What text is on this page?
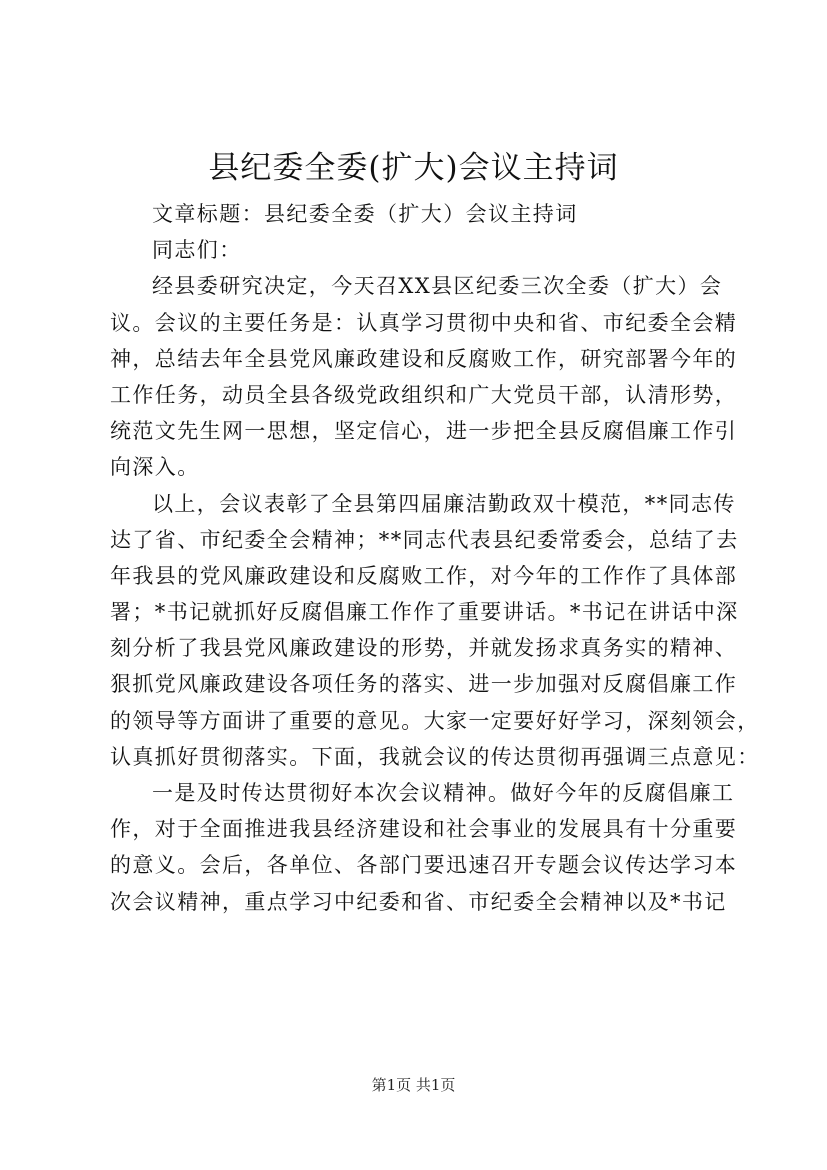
县纪委全委(扩大)会议主持词
文章标题：县纪委全委（扩大）会议主持词
同志们：
经县委研究决定，今天召XX县区纪委三次全委（扩大）会
议。会议的主要任务是：认真学习贯彻中央和省、市纪委全会精
神，总结去年全县党风廉政建设和反腐败工作，研究部署今年的
工作任务，动员全县各级党政组织和广大党员干部，认清形势，
统范文先生网一思想，坚定信心，进一步把全县反腐倡廉工作引
向深入。
以上，会议表彰了全县第四届廉洁勤政双十模范，**同志传
达了省、市纪委全会精神；**同志代表县纪委常委会，总结了去
年我县的党风廉政建设和反腐败工作，对今年的工作作了具体部
署；*书记就抓好反腐倡廉工作作了重要讲话。*书记在讲话中深
刻分析了我县党风廉政建设的形势，并就发扬求真务实的精神、
狠抓党风廉政建设各项任务的落实、进一步加强对反腐倡廉工作
的领导等方面讲了重要的意见。大家一定要好好学习，深刻领会，
认真抓好贯彻落实。下面，我就会议的传达贯彻再强调三点意见：
一是及时传达贯彻好本次会议精神。做好今年的反腐倡廉工
作，对于全面推进我县经济建设和社会事业的发展具有十分重要
的意义。会后，各单位、各部门要迅速召开专题会议传达学习本
次会议精神，重点学习中纪委和省、市纪委全会精神以及*书记
第1页 共1页
